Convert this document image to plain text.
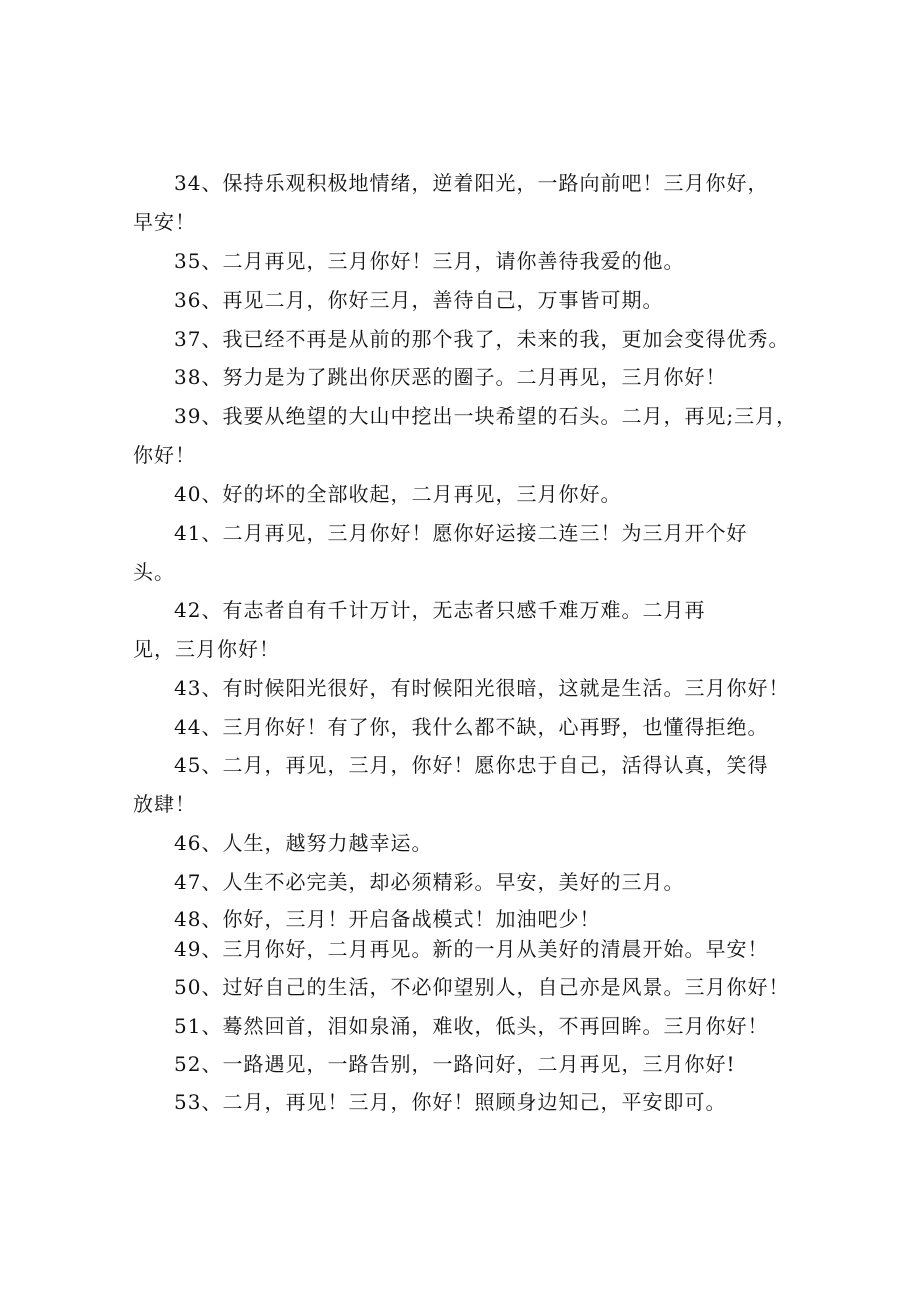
34、保持乐观积极地情绪，逆着阳光，一路向前吧！三月你好，
早安！
35、二月再见，三月你好！三月，请你善待我爱的他。
36、再见二月，你好三月，善待自己，万事皆可期。
37、我已经不再是从前的那个我了，未来的我，更加会变得优秀。
38、努力是为了跳出你厌恶的圈子。二月再见，三月你好！
39、我要从绝望的大山中挖出一块希望的石头。二月，再见;三月，
你好！
40、好的坏的全部收起，二月再见，三月你好。
41、二月再见，三月你好！愿你好运接二连三！为三月开个好
头。
42、有志者自有千计万计，无志者只感千难万难。二月再
见，三月你好！
43、有时候阳光很好，有时候阳光很暗，这就是生活。三月你好！
44、三月你好！有了你，我什么都不缺，心再野，也懂得拒绝。
45、二月，再见，三月，你好！愿你忠于自己，活得认真，笑得
放肆！
46、人生，越努力越幸运。
47、人生不必完美，却必须精彩。早安，美好的三月。
48、你好，三月！开启备战模式！加油吧少！
49、三月你好，二月再见。新的一月从美好的清晨开始。早安！
50、过好自己的生活，不必仰望别人，自己亦是风景。三月你好！
51、蓦然回首，泪如泉涌，难收，低头，不再回眸。三月你好！
52、一路遇见，一路告别，一路问好，二月再见，三月你好!
53、二月，再见！三月，你好！照顾身边知己，平安即可。
